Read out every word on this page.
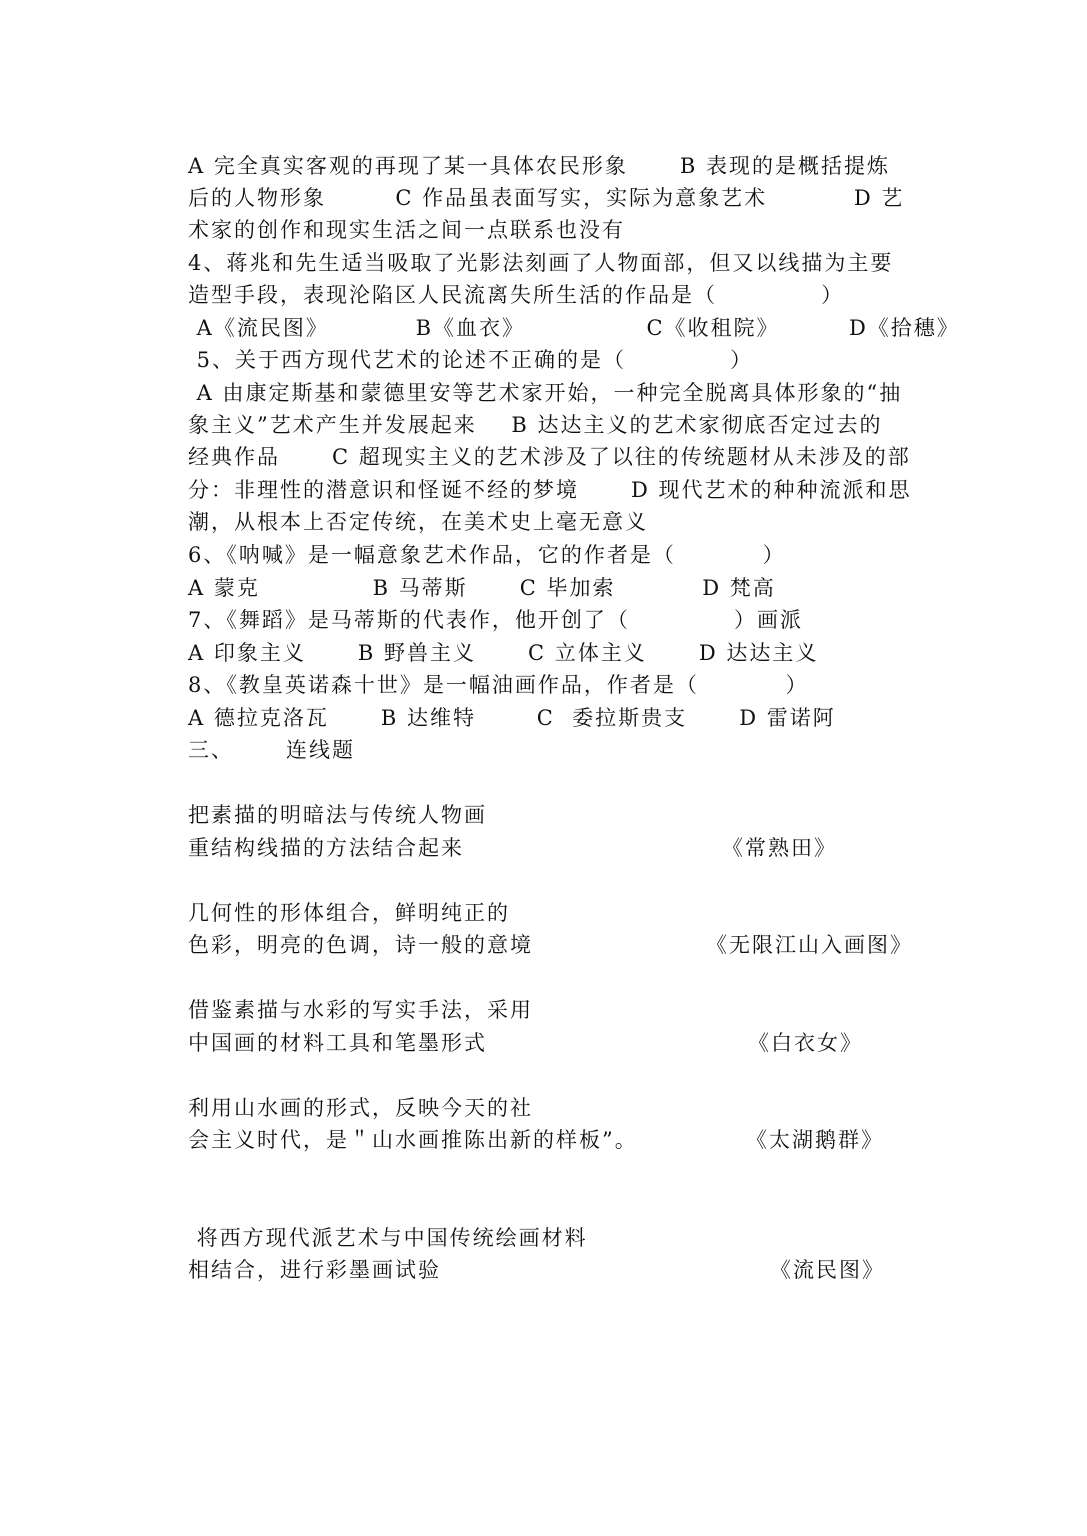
A 完全真实客观的再现了某一具体农民形象      B 表现的是概括提炼
后的人物形象        C 作品虽表面写实，实际为意象艺术          D 艺
术家的创作和现实生活之间一点联系也没有
4、蒋兆和先生适当吸取了光影法刻画了人物面部，但又以线描为主要
造型手段，表现沦陷区人民流离失所生活的作品是（            ）
A《流民图》          B《血衣》              C《收租院》        D《拾穗》
5、关于西方现代艺术的论述不正确的是（            ）
A 由康定斯基和蒙德里安等艺术家开始，一种完全脱离具体形象的“抽
象主义”艺术产生并发展起来    B 达达主义的艺术家彻底否定过去的
经典作品      C 超现实主义的艺术涉及了以往的传统题材从未涉及的部
分：非理性的潜意识和怪诞不经的梦境      D 现代艺术的种种流派和思
潮，从根本上否定传统，在美术史上毫无意义
6、《呐喊》是一幅意象艺术作品，它的作者是（          ）
A 蒙克             B 马蒂斯      C 毕加索          D 梵高
7、《舞蹈》是马蒂斯的代表作，他开创了（            ）画派
A 印象主义      B 野兽主义      C 立体主义      D 达达主义
8、《教皇英诺森十世》是一幅油画作品，作者是（          ）
A 德拉克洛瓦      B 达维特       C  委拉斯贵支      D 雷诺阿
三、      连线题
把素描的明暗法与传统人物画
重结构线描的方法结合起来	《常熟田》
几何性的形体组合，鲜明纯正的
色彩，明亮的色调，诗一般的意境	《无限江山入画图》
借鉴素描与水彩的写实手法，采用
中国画的材料工具和笔墨形式	《白衣女》
利用山水画的形式，反映今天的社
会主义时代，是＂山水画推陈出新的样板”。	《太湖鹅群》
将西方现代派艺术与中国传统绘画材料
相结合，进行彩墨画试验	《流民图》
